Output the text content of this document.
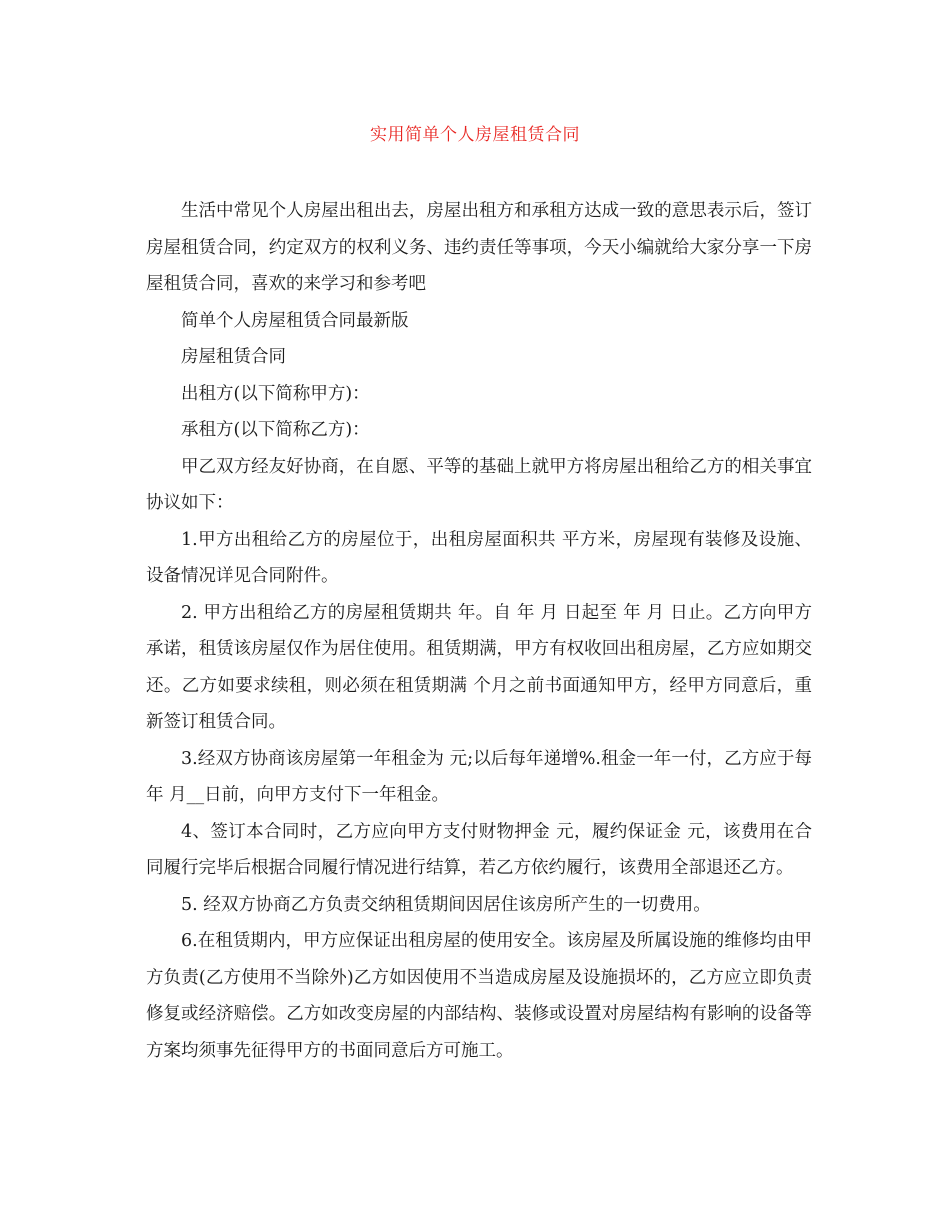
实用简单个人房屋租赁合同

生活中常见个人房屋出租出去，房屋出租方和承租方达成一致的意思表示后，签订房屋租赁合同，约定双方的权利义务、违约责任等事项，今天小编就给大家分享一下房屋租赁合同，喜欢的来学习和参考吧

简单个人房屋租赁合同最新版

房屋租赁合同

出租方(以下简称甲方)：

承租方(以下简称乙方)：

甲乙双方经友好协商，在自愿、平等的基础上就甲方将房屋出租给乙方的相关事宜协议如下：

1.甲方出租给乙方的房屋位于，出租房屋面积共 平方米，房屋现有装修及设施、设备情况详见合同附件。

2. 甲方出租给乙方的房屋租赁期共 年。自 年 月 日起至 年 月 日止。乙方向甲方承诺，租赁该房屋仅作为居住使用。租赁期满，甲方有权收回出租房屋，乙方应如期交还。乙方如要求续租，则必须在租赁期满 个月之前书面通知甲方，经甲方同意后，重新签订租赁合同。

3.经双方协商该房屋第一年租金为 元;以后每年递增%.租金一年一付，乙方应于每年 月__日前，向甲方支付下一年租金。

4、签订本合同时，乙方应向甲方支付财物押金 元，履约保证金 元，该费用在合同履行完毕后根据合同履行情况进行结算，若乙方依约履行，该费用全部退还乙方。

5. 经双方协商乙方负责交纳租赁期间因居住该房所产生的一切费用。

6.在租赁期内，甲方应保证出租房屋的使用安全。该房屋及所属设施的维修均由甲方负责(乙方使用不当除外)乙方如因使用不当造成房屋及设施损坏的，乙方应立即负责修复或经济赔偿。乙方如改变房屋的内部结构、装修或设置对房屋结构有影响的设备等方案均须事先征得甲方的书面同意后方可施工。
